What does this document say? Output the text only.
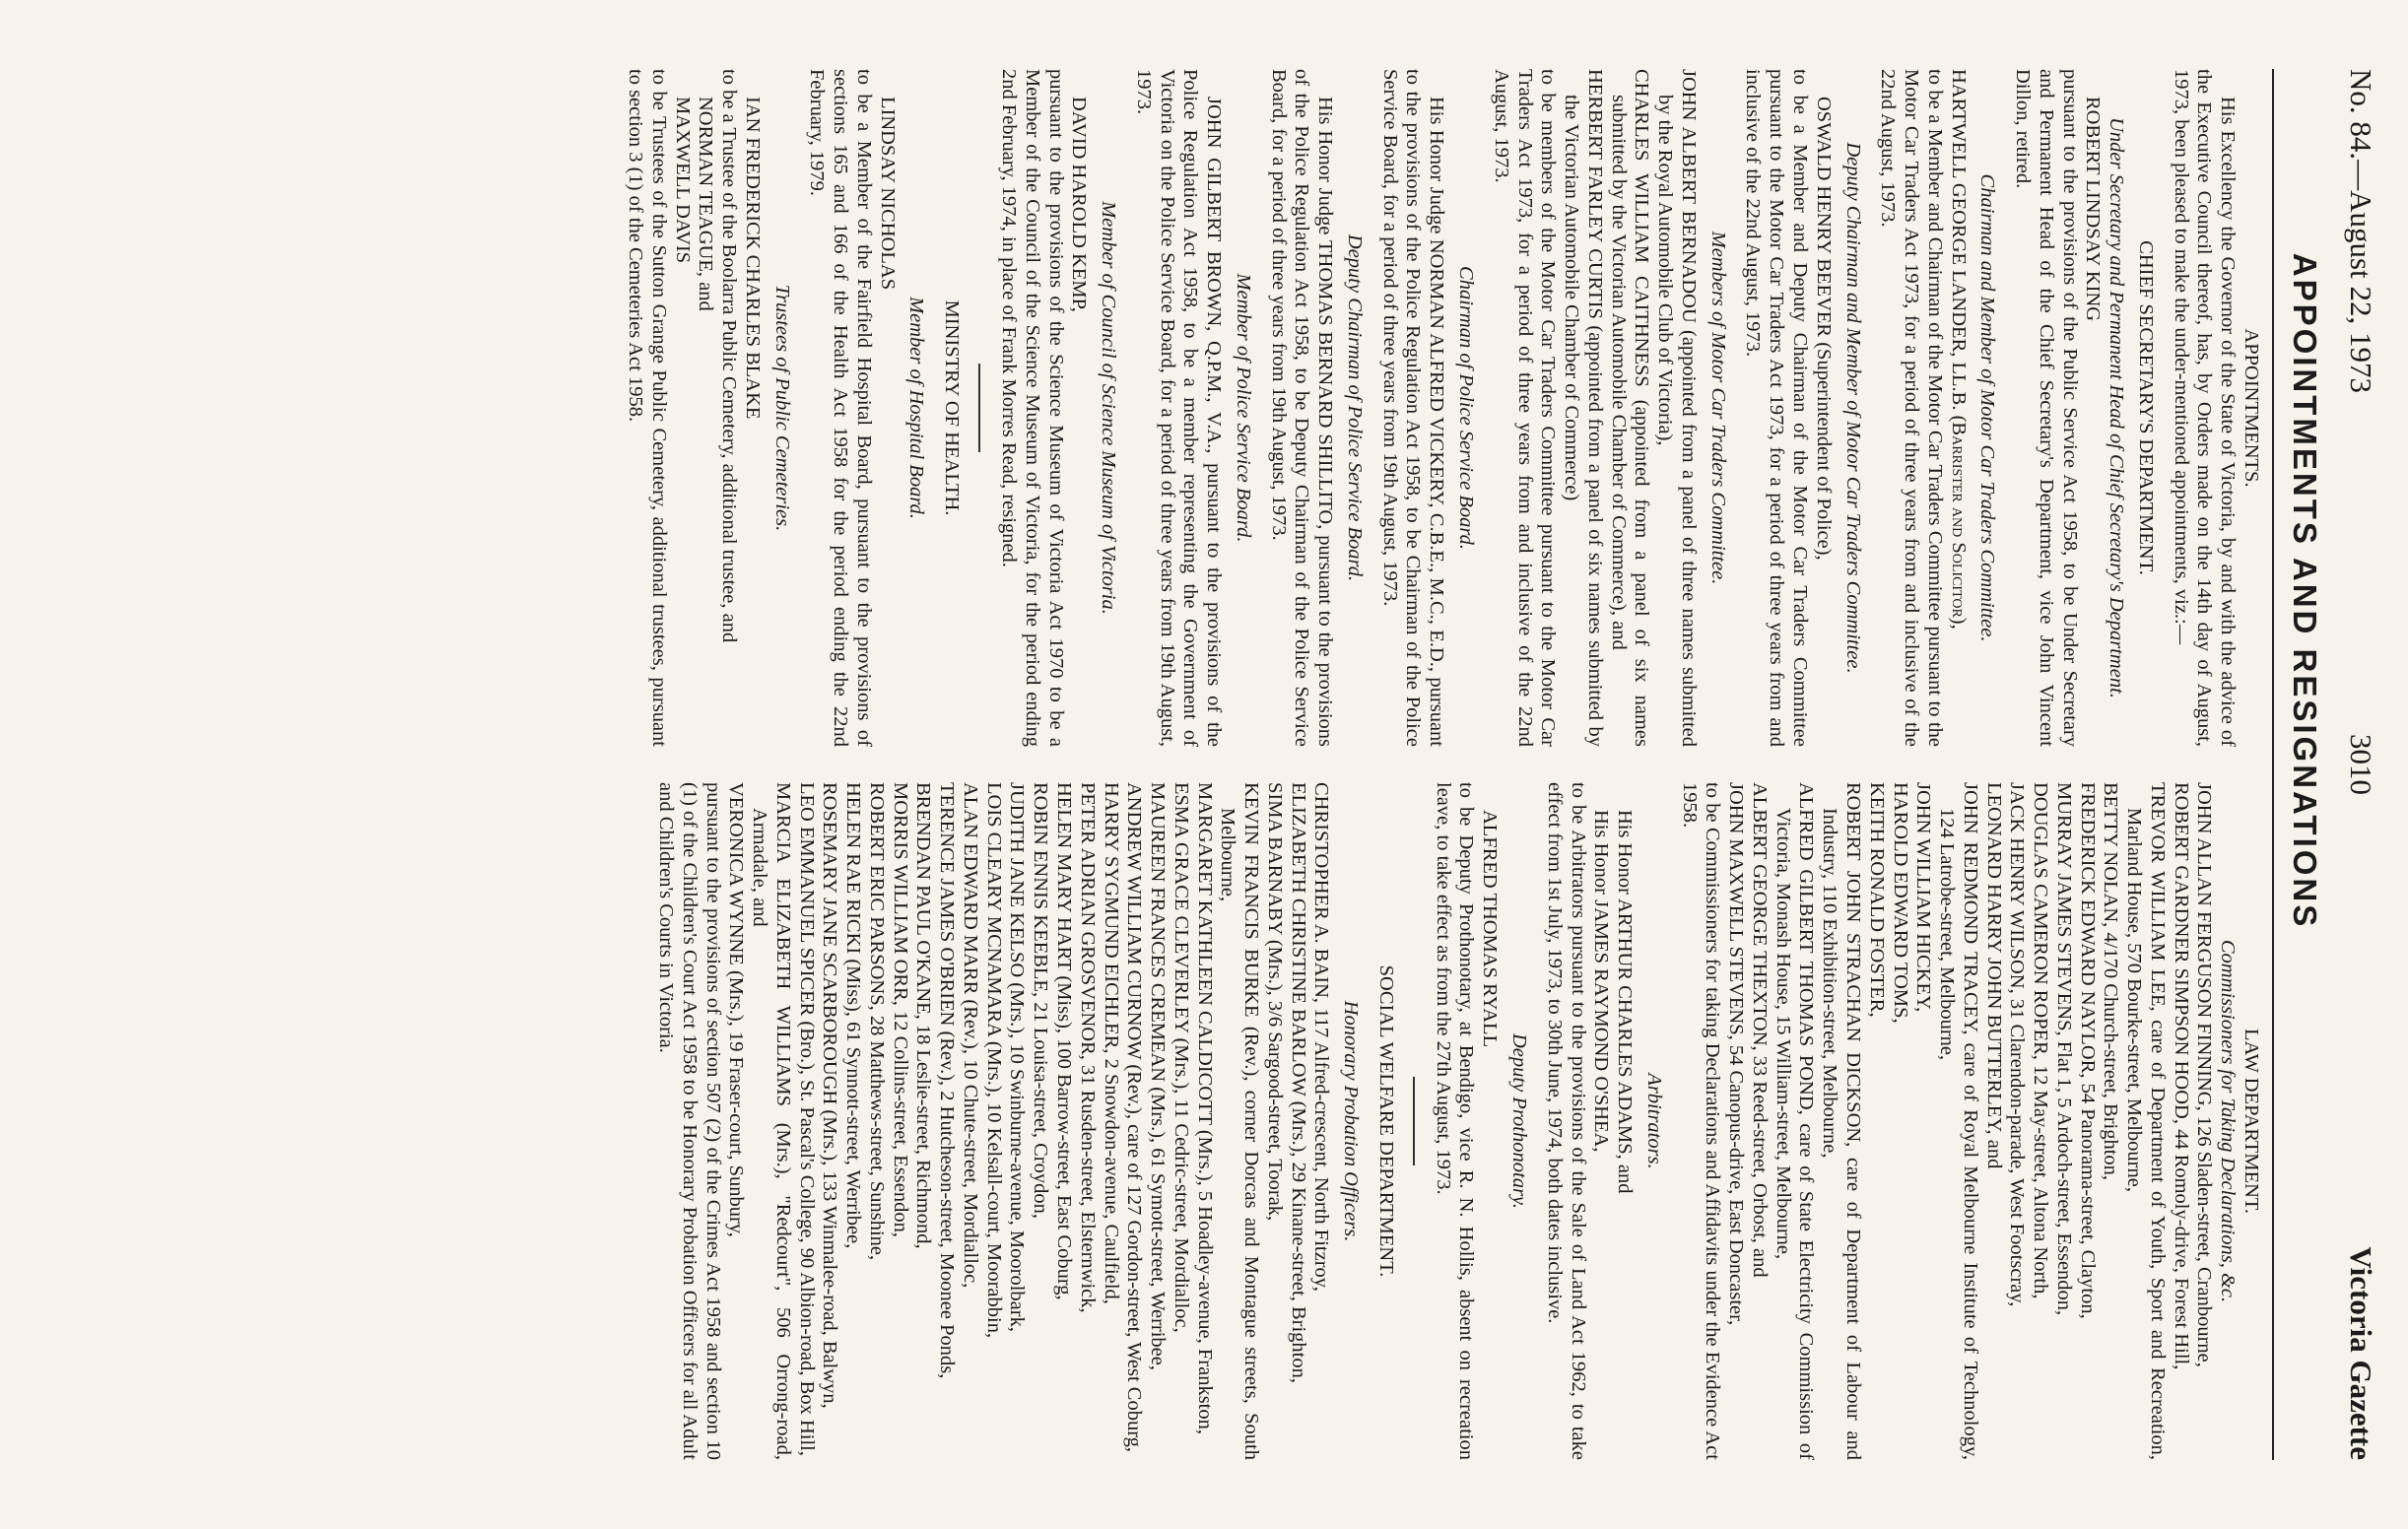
No. 84.—August 22, 1973
3010
Victoria Gazette
APPOINTMENTS AND RESIGNATIONS

APPOINTMENTS.

His Excellency the Governor of the State of Victoria, by and with the advice of the Executive Council thereof, has, by Orders made on the 14th day of August, 1973, been pleased to make the under-mentioned appointments, viz.:—

CHIEF SECRETARY'S DEPARTMENT.

Under Secretary and Permanent Head of Chief Secretary's Department.

ROBERT LINDSAY KING

pursuant to the provisions of the Public Service Act 1958, to be Under Secretary and Permanent Head of the Chief Secretary's Department, vice John Vincent Dillon, retired.

Chairman and Member of Motor Car Traders Committee.

HARTWELL GEORGE LANDER, LL.B. (Barrister and Solicitor),

to be a Member and Chairman of the Motor Car Traders Committee pursuant to the Motor Car Traders Act 1973, for a period of three years from and inclusive of the 22nd August, 1973.

Deputy Chairman and Member of Motor Car Traders Committee.

OSWALD HENRY BEEVER (Superintendent of Police),

to be a Member and Deputy Chairman of the Motor Car Traders Committee pursuant to the Motor Car Traders Act 1973, for a period of three years from and inclusive of the 22nd August, 1973.

Members of Motor Car Traders Committee.

JOHN ALBERT BERNADOU (appointed from a panel of three names submitted by the Royal Automobile Club of Victoria),

CHARLES WILLIAM CAITHNESS (appointed from a panel of six names submitted by the Victorian Automobile Chamber of Commerce), and

HERBERT FARLEY CURTIS (appointed from a panel of six names submitted by the Victorian Automobile Chamber of Commerce)

to be members of the Motor Car Traders Committee pursuant to the Motor Car Traders Act 1973, for a period of three years from and inclusive of the 22nd August, 1973.

Chairman of Police Service Board.

His Honor Judge NORMAN ALFRED VICKERY, C.B.E., M.C., E.D., pursuant to the provisions of the Police Regulation Act 1958, to be Chairman of the Police Service Board, for a period of three years from 19th August, 1973.

Deputy Chairman of Police Service Board.

His Honor Judge THOMAS BERNARD SHILLITO, pursuant to the provisions of the Police Regulation Act 1958, to be Deputy Chairman of the Police Service Board, for a period of three years from 19th August, 1973.

Member of Police Service Board.

JOHN GILBERT BROWN, Q.P.M., V.A., pursuant to the provisions of the Police Regulation Act 1958, to be a member representing the Government of Victoria on the Police Service Board, for a period of three years from 19th August, 1973.

Member of Council of Science Museum of Victoria.

DAVID HAROLD KEMP,

pursuant to the provisions of the Science Museum of Victoria Act 1970 to be a Member of the Council of the Science Museum of Victoria, for the period ending 2nd February, 1974, in place of Frank Morres Read, resigned.

MINISTRY OF HEALTH.

Member of Hospital Board.

LINDSAY NICHOLAS

to be a Member of the Fairfield Hospital Board, pursuant to the provisions of sections 165 and 166 of the Health Act 1958 for the period ending the 22nd February, 1979.

Trustees of Public Cemeteries.

IAN FREDERICK CHARLES BLAKE

to be a Trustee of the Boolarra Public Cemetery, additional trustee, and

NORMAN TEAGUE, and

MAXWELL DAVIS

to be Trustees of the Sutton Grange Public Cemetery, additional trustees, pursuant to section 3 (1) of the Cemeteries Act 1958.

LAW DEPARTMENT.

Commissioners for Taking Declarations, &c.

JOHN ALLAN FERGUSON FINNING, 126 Sladen-street, Cranbourne,

ROBERT GARDNER SIMPSON HOOD, 44 Romoly-drive, Forest Hill,

TREVOR WILLIAM LEE, care of Department of Youth, Sport and Recreation, Marland House, 570 Bourke-street, Melbourne,

BETTY NOLAN, 4/170 Church-street, Brighton,

FREDERICK EDWARD NAYLOR, 54 Panorama-street, Clayton,

MURRAY JAMES STEVENS, Flat 1, 5 Ardoch-street, Essendon,

DOUGLAS CAMERON ROPER, 12 May-street, Altona North,

JACK HENRY WILSON, 31 Clarendon-parade, West Footscray,

LEONARD HARRY JOHN BUTTERLEY, and

JOHN REDMOND TRACEY, care of Royal Melbourne Institute of Technology, 124 Latrobe-street, Melbourne,

JOHN WILLIAM HICKEY,

HAROLD EDWARD TOMS,

KEITH RONALD FOSTER,

ROBERT JOHN STRACHAN DICKSON, care of Department of Labour and Industry, 110 Exhibition-street, Melbourne,

ALFRED GILBERT THOMAS POND, care of State Electricity Commission of Victoria, Monash House, 15 William-street, Melbourne,

ALBERT GEORGE THEXTON, 33 Reed-street, Orbost, and

JOHN MAXWELL STEVENS, 54 Canopus-drive, East Doncaster,

to be Commissioners for taking Declarations and Affidavits under the Evidence Act 1958.

Arbitrators.

His Honor ARTHUR CHARLES ADAMS, and

His Honor JAMES RAYMOND O'SHEA,

to be Arbitrators pursuant to the provisions of the Sale of Land Act 1962, to take effect from 1st July, 1973, to 30th June, 1974, both dates inclusive.

Deputy Prothonotary.

ALFRED THOMAS RYALL

to be Deputy Prothonotary, at Bendigo, vice R. N. Hollis, absent on recreation leave, to take effect as from the 27th August, 1973.

SOCIAL WELFARE DEPARTMENT.

Honorary Probation Officers.

CHRISTOPHER A. BAIN, 117 Alfred-crescent, North Fitzroy,

ELIZABETH CHRISTINE BARLOW (Mrs.), 29 Kinane-street, Brighton,

SIMA BARNABY (Mrs.), 3/6 Sargood-street, Toorak,

KEVIN FRANCIS BURKE (Rev.), corner Dorcas and Montague streets, South Melbourne,

MARGARET KATHLEEN CALDICOTT (Mrs.), 5 Hoadley-avenue, Frankston,

ESMA GRACE CLEVERLEY (Mrs.), 11 Cedric-street, Mordialloc,

MAUREEN FRANCES CREMEAN (Mrs.), 61 Symott-street, Werribee,

ANDREW WILLIAM CURNOW (Rev.), care of 127 Gordon-street, West Coburg,

HARRY SYGMUND EICHLER, 2 Snowdon-avenue, Caulfield,

PETER ADRIAN GROSVENOR, 31 Rusden-street, Elsternwick,

HELEN MARY HART (Miss), 100 Barrow-street, East Coburg,

ROBIN ENNIS KEEBLE, 21 Louisa-street, Croydon,

JUDITH JANE KELSO (Mrs.), 10 Swinburne-avenue, Moorolbark,

LOIS CLEARY MCNAMARA (Mrs.), 10 Kelsall-court, Moorabbin,

ALAN EDWARD MARR (Rev.), 10 Chute-street, Mordialloc,

TERENCE JAMES O'BRIEN (Rev.), 2 Hutcheson-street, Moonee Ponds,

BRENDAN PAUL O'KANE, 18 Leslie-street, Richmond,

MORRIS WILLIAM ORR, 12 Collins-street, Essendon,

ROBERT ERIC PARSONS, 28 Matthews-street, Sunshine,

HELEN RAE RICKI (Miss), 61 Synnott-street, Werribee,

ROSEMARY JANE SCARBOROUGH (Mrs.), 133 Winmalee-road, Balwyn,

LEO EMMANUEL SPICER (Bro.), St. Pascal's College, 90 Albion-road, Box Hill,

MARCIA ELIZABETH WILLIAMS (Mrs.), "Redcourt", 506 Orrong-road, Armadale, and

VERONICA WYNNE (Mrs.), 19 Fraser-court, Sunbury,

pursuant to the provisions of section 507 (2) of the Crimes Act 1958 and section 10 (1) of the Children's Court Act 1958 to be Honorary Probation Officers for all Adult and Children's Courts in Victoria.
